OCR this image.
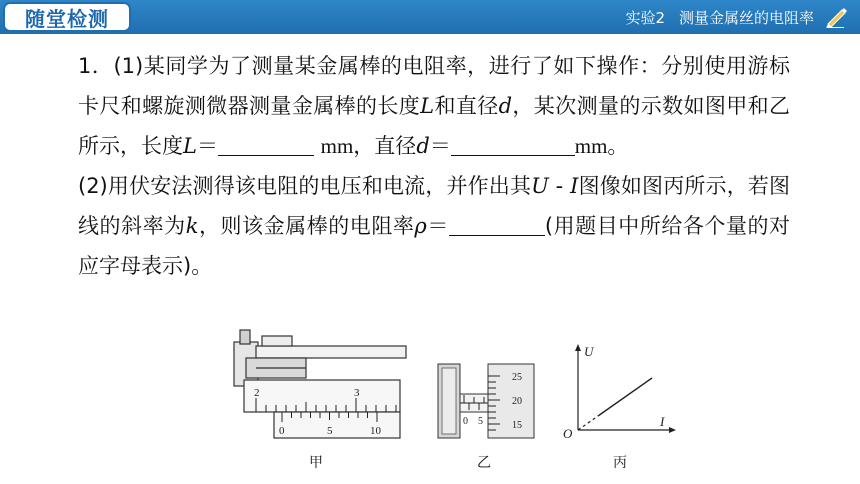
随堂检测	实验2 测量金属丝的电阻率

1．(1)某同学为了测量某金属棒的电阻率，进行了如下操作：分别使用游标卡尺和螺旋测微器测量金属棒的长度L和直径d，某次测量的示数如图甲和乙所示，长度L＝	mm，直径d＝	mm。

(2)用伏安法测得该电阻的电压和电流，并作出其U - I图像如图丙所示，若图线的斜率为k，则该金属棒的电阻率ρ＝	(用题目中所给各个量的对应字母表示)。

2	3
0	5	10
甲
0 5
25
20
15
乙
U
I
O
丙
